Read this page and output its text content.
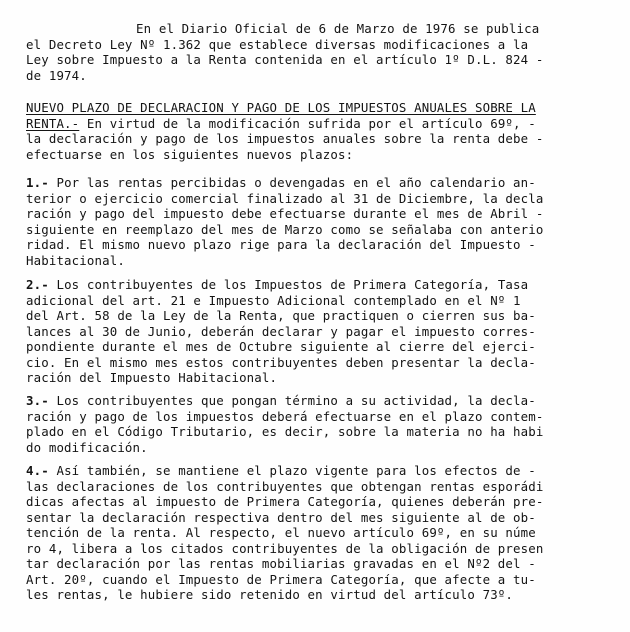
En el Diario Oficial de 6 de Marzo de 1976 se publica
el Decreto Ley Nº 1.362 que establece diversas modificaciones a la
Ley sobre Impuesto a la Renta contenida en el artículo 1º D.L. 824 -
de 1974.
NUEVO PLAZO DE DECLARACION Y PAGO DE LOS IMPUESTOS ANUALES SOBRE LA
RENTA.- En virtud de la modificación sufrida por el artículo 69º, -
la declaración y pago de los impuestos anuales sobre la renta debe -
efectuarse en los siguientes nuevos plazos:
1.- Por las rentas percibidas o devengadas en el año calendario an-
terior o ejercicio comercial finalizado al 31 de Diciembre, la decla
ración y pago del impuesto debe efectuarse durante el mes de Abril -
siguiente en reemplazo del mes de Marzo como se señalaba con anterio
ridad. El mismo nuevo plazo rige para la declaración del Impuesto -
Habitacional.
2.- Los contribuyentes de los Impuestos de Primera Categoría, Tasa
adicional del art. 21 e Impuesto Adicional contemplado en el Nº 1
del Art. 58 de la Ley de la Renta, que practiquen o cierren sus ba-
lances al 30 de Junio, deberán declarar y pagar el impuesto corres-
pondiente durante el mes de Octubre siguiente al cierre del ejerci-
cio. En el mismo mes estos contribuyentes deben presentar la decla-
ración del Impuesto Habitacional.
3.- Los contribuyentes que pongan término a su actividad, la decla-
ración y pago de los impuestos deberá efectuarse en el plazo contem-
plado en el Código Tributario, es decir, sobre la materia no ha habi
do modificación.
4.- Así también, se mantiene el plazo vigente para los efectos de -
las declaraciones de los contribuyentes que obtengan rentas esporádi
dicas afectas al impuesto de Primera Categoría, quienes deberán pre-
sentar la declaración respectiva dentro del mes siguiente al de ob-
tención de la renta. Al respecto, el nuevo artículo 69º, en su núme
ro 4, libera a los citados contribuyentes de la obligación de presen
tar declaración por las rentas mobiliarias gravadas en el Nº2 del -
Art. 20º, cuando el Impuesto de Primera Categoría, que afecte a tu-
les rentas, le hubiere sido retenido en virtud del artículo 73º.
